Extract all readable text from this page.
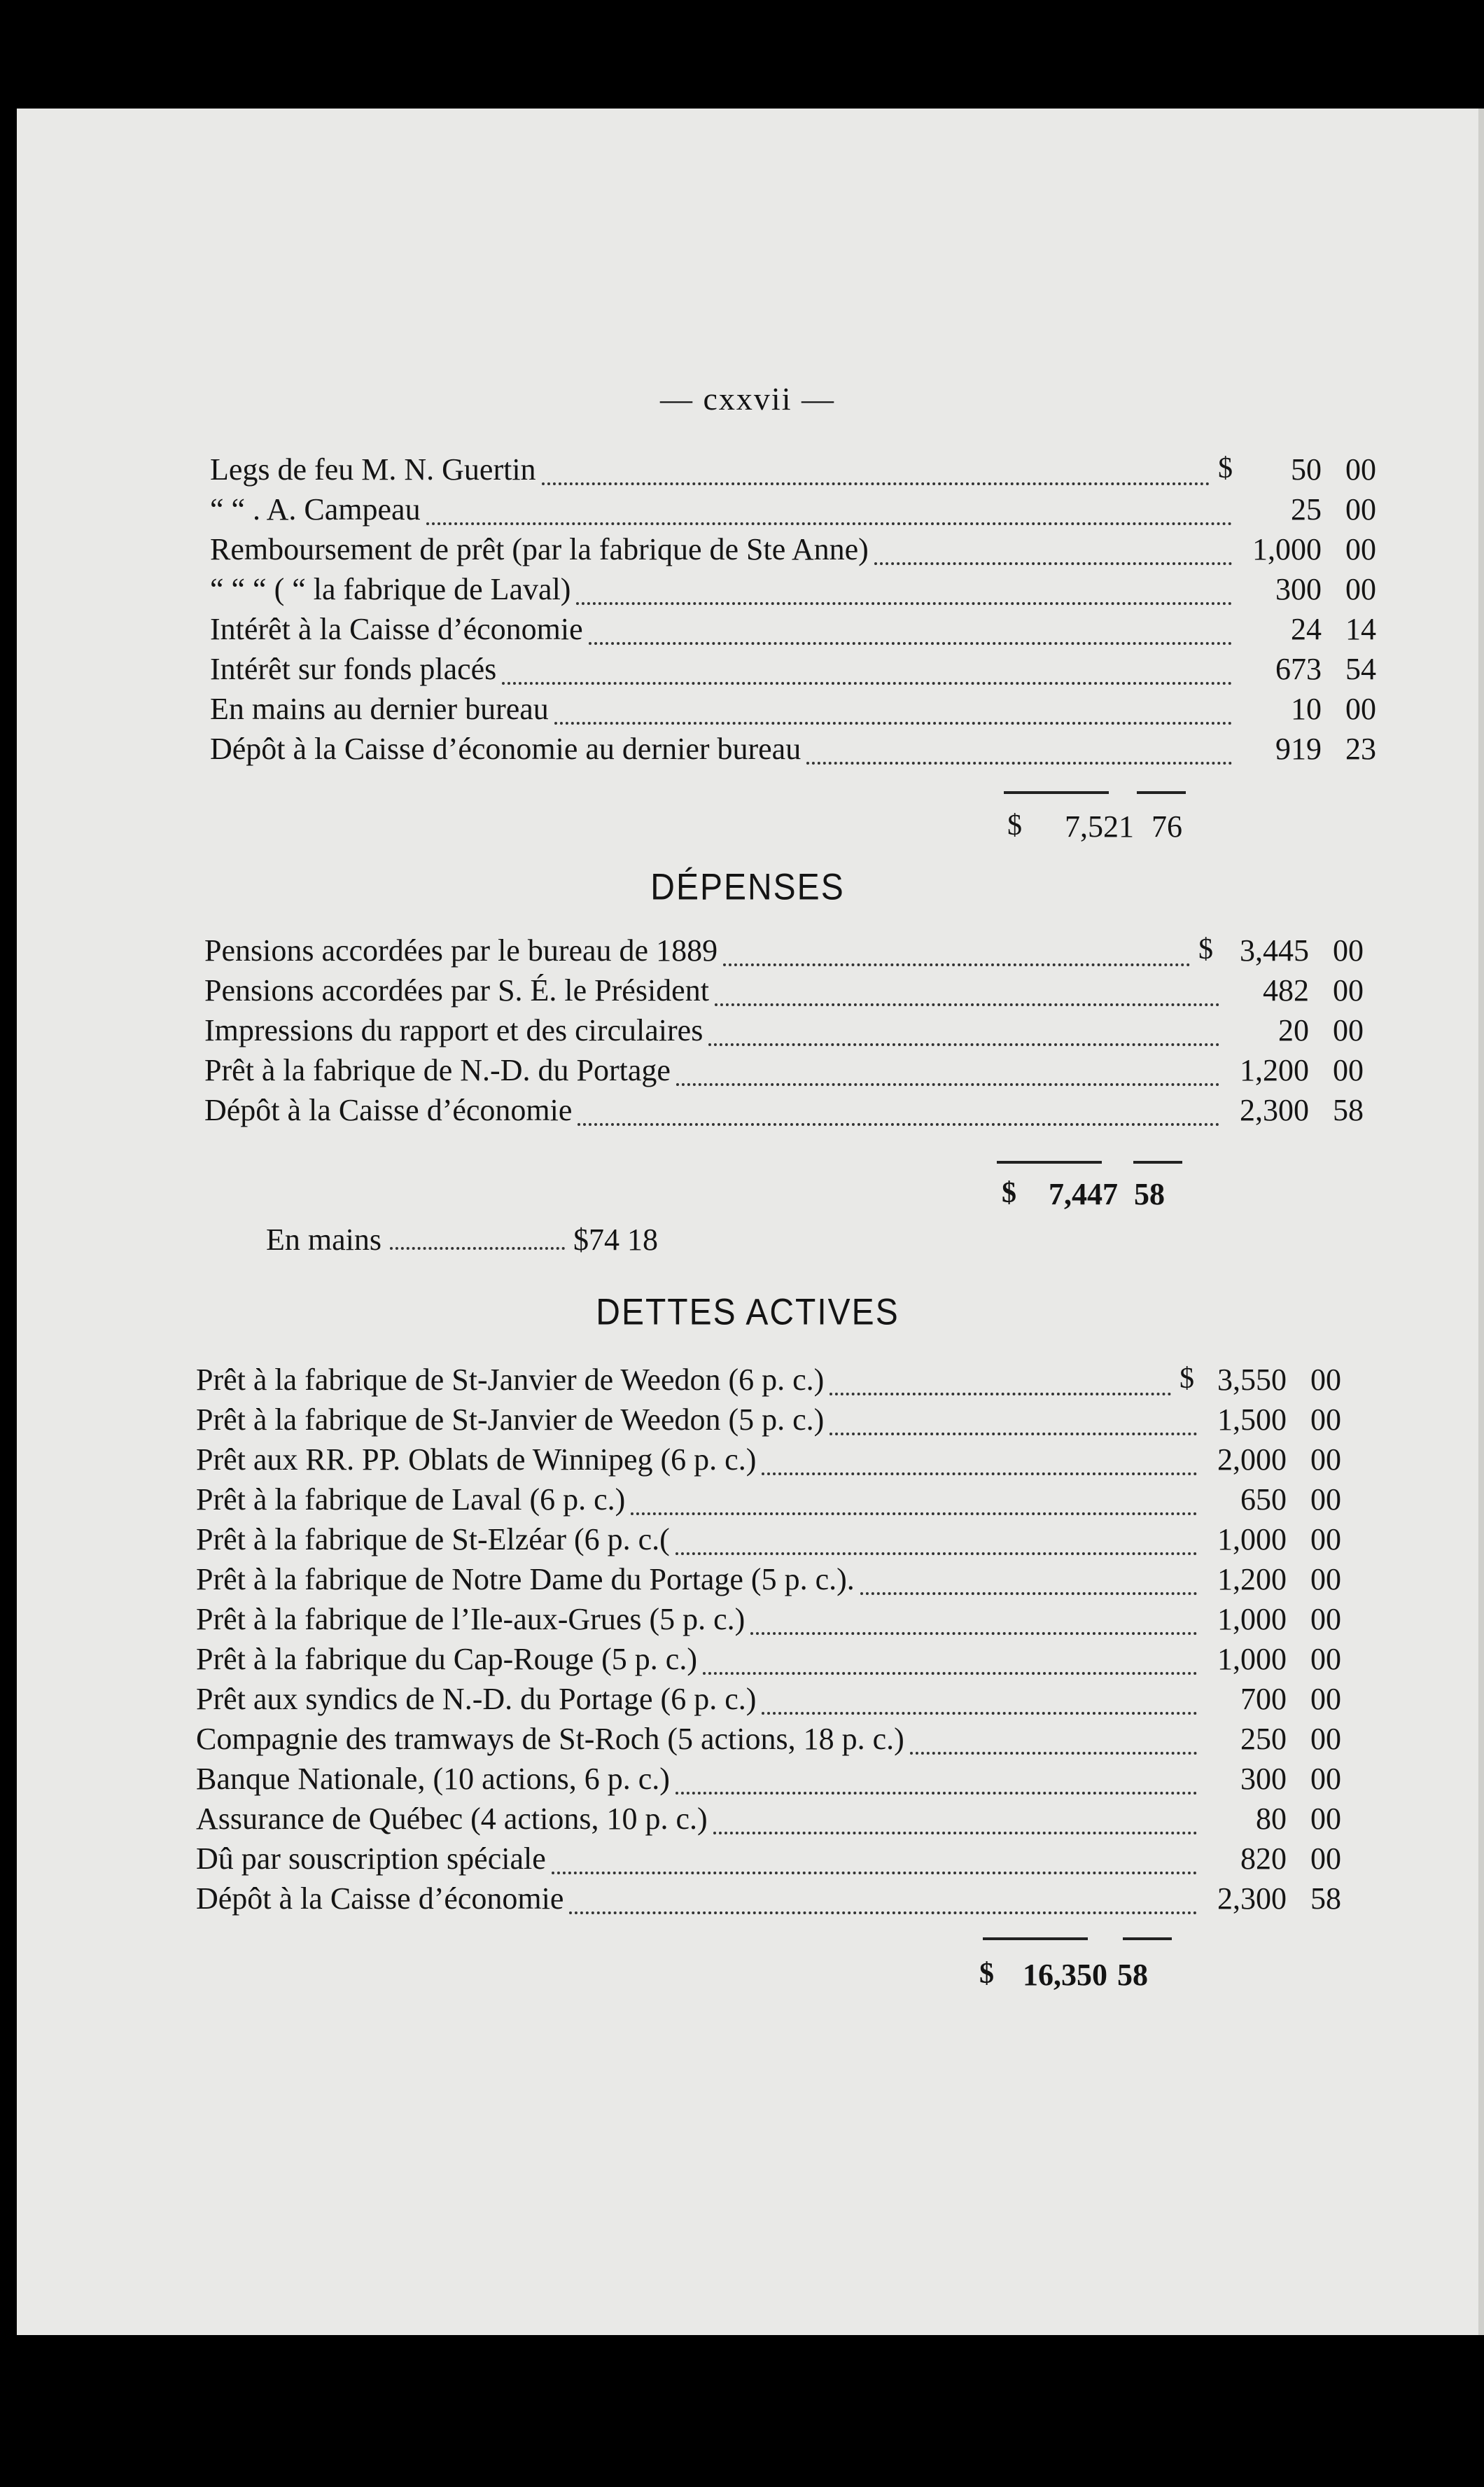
— cxxvii —
Legs de feu M. N. Guertin	$	50 00
“ “ . A. Campeau	25 00
Remboursement de prêt (par la fabrique de Ste Anne)	1,000 00
“ “ “ ( “ la fabrique de Laval)	300 00
Intérêt à la Caisse d’économie	24 14
Intérêt sur fonds placés	673 54
En mains au dernier bureau	10 00
Dépôt à la Caisse d’économie au dernier bureau	919 23
$	7,521 76
DÉPENSES
Pensions accordées par le bureau de 1889	$ 3,445 00
Pensions accordées par S. É. le Président	482 00
Impressions du rapport et des circulaires	20 00
Prêt à la fabrique de N.-D. du Portage	1,200 00
Dépôt à la Caisse d’économie	2,300 58
$	7,447 58
En mains	$74 18
DETTES ACTIVES
Prêt à la fabrique de St-Janvier de Weedon (6 p. c.)	$ 3,550 00
Prêt à la fabrique de St-Janvier de Weedon (5 p. c.)	1,500 00
Prêt aux RR. PP. Oblats de Winnipeg (6 p. c.)	2,000 00
Prêt à la fabrique de Laval (6 p. c.)	650 00
Prêt à la fabrique de St-Elzéar (6 p. c.(	1,000 00
Prêt à la fabrique de Notre Dame du Portage (5 p. c.).	1,200 00
Prêt à la fabrique de l’Ile-aux-Grues (5 p. c.)	1,000 00
Prêt à la fabrique du Cap-Rouge (5 p. c.)	1,000 00
Prêt aux syndics de N.-D. du Portage (6 p. c.)	700 00
Compagnie des tramways de St-Roch (5 actions, 18 p. c.)	250 00
Banque Nationale, (10 actions, 6 p. c.)	300 00
Assurance de Québec (4 actions, 10 p. c.)	80 00
Dû par souscription spéciale	820 00
Dépôt à la Caisse d’économie	2,300 58
$ 16,350 58
